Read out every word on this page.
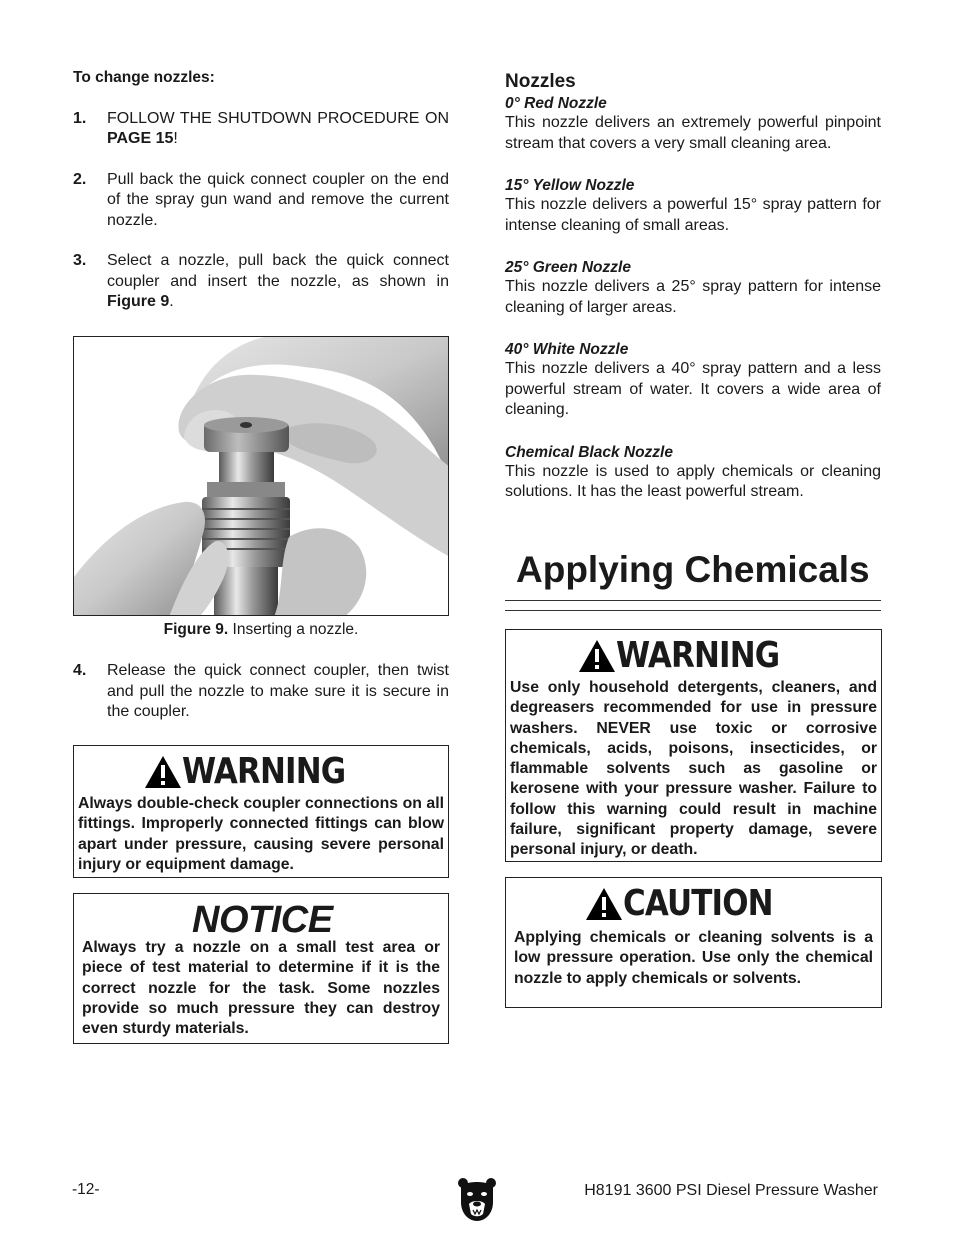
To change nozzles:
1.	FOLLOW THE SHUTDOWN PROCEDURE ON PAGE 15!
2.	Pull back the quick connect coupler on the end of the spray gun wand and remove the current nozzle.
3.	Select a nozzle, pull back the quick connect coupler and insert the nozzle, as shown in Figure 9.
Figure 9. Inserting a nozzle.
4.	Release the quick connect coupler, then twist and pull the nozzle to make sure it is secure in the coupler.
WARNING
Always double-check coupler connections on all fittings. Improperly connected fittings can blow apart under pressure, causing severe personal injury or equipment damage.
NOTICE
Always try a nozzle on a small test area or piece of test material to determine if it is the correct nozzle for the task. Some nozzles provide so much pressure they can destroy even sturdy materials.
Nozzles
0° Red Nozzle
This nozzle delivers an extremely powerful pinpoint stream that covers a very small cleaning area.
15° Yellow Nozzle
This nozzle delivers a powerful 15° spray pattern for intense cleaning of small areas.
25° Green Nozzle
This nozzle delivers a 25° spray pattern for intense cleaning of larger areas.
40° White Nozzle
This nozzle delivers a 40° spray pattern and a less powerful stream of water. It covers a wide area of cleaning.
Chemical Black Nozzle
This nozzle is used to apply chemicals or cleaning solutions. It has the least powerful stream.
Applying Chemicals
WARNING
Use only household detergents, cleaners, and degreasers recommended for use in pressure washers. NEVER use toxic or corrosive chemicals, acids, poisons, insecticides, or flammable solvents such as gasoline or kerosene with your pressure washer. Failure to follow this warning could result in machine failure, significant property damage, severe personal injury, or death.
CAUTION
Applying chemicals or cleaning solvents is a low pressure operation. Use only the chemical nozzle to apply chemicals or solvents.
-12-	H8191 3600 PSI Diesel Pressure Washer
